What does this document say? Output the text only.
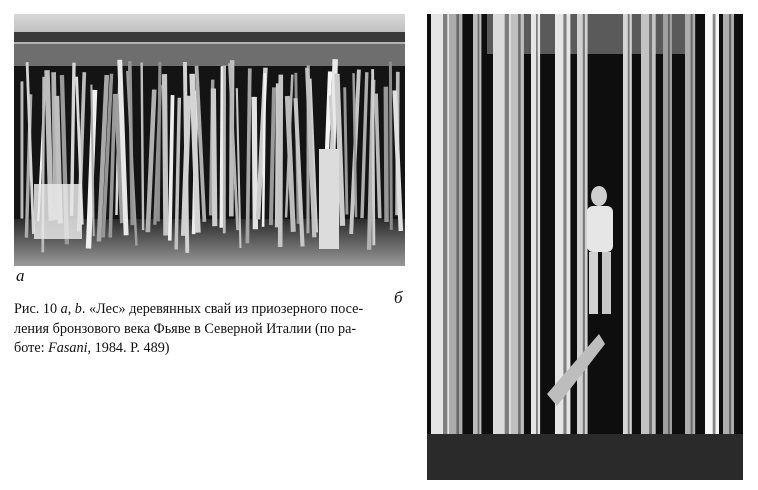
а
б
Рис. 10 a, b. «Лес» деревянных свай из приозерного посе-
ления бронзового века Фьяве в Северной Италии (по ра-
боте: Fasani, 1984. P. 489)
